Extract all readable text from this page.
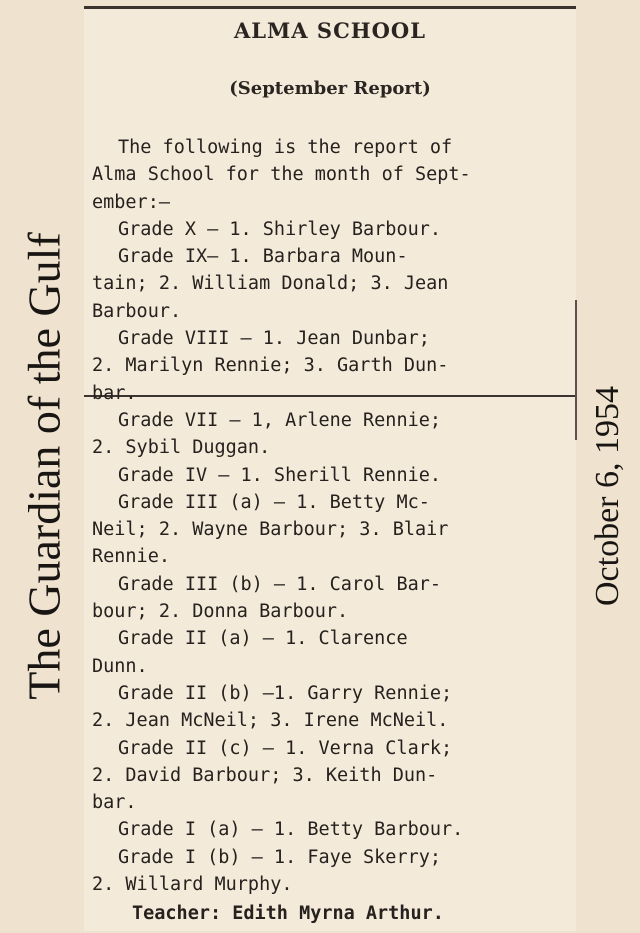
The Guardian of the Gulf
ALMA SCHOOL
(September Report)
The following is the report of
Alma School for the month of Sept-
ember:—
Grade X — 1. Shirley Barbour.
Grade IX— 1. Barbara Moun-
tain; 2. William Donald; 3. Jean
Barbour.
Grade VIII — 1. Jean Dunbar;
2. Marilyn Rennie; 3. Garth Dun-
bar.
Grade VII — 1, Arlene Rennie;
2. Sybil Duggan.
Grade IV — 1. Sherill Rennie.
Grade III (a) — 1. Betty Mc-
Neil; 2. Wayne Barbour; 3. Blair
Rennie.
Grade III (b) — 1. Carol Bar-
bour; 2. Donna Barbour.
Grade II (a) — 1. Clarence
Dunn.
Grade II (b) —1. Garry Rennie;
2. Jean McNeil; 3. Irene McNeil.
Grade II (c) — 1. Verna Clark;
2. David Barbour; 3. Keith Dun-
bar.
Grade I (a) — 1. Betty Barbour.
Grade I (b) — 1. Faye Skerry;
2. Willard Murphy.
Teacher: Edith Myrna Arthur.
October 6, 1954
